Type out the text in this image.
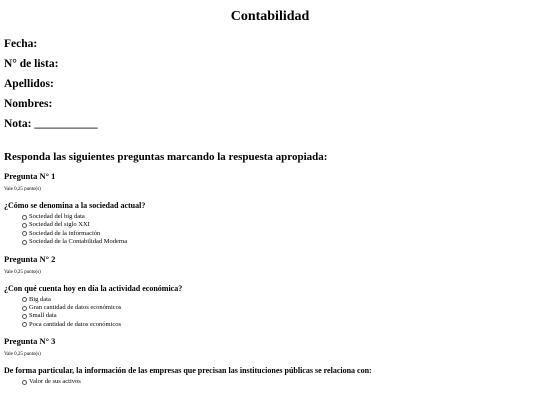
Contabilidad
Fecha:
N° de lista:
Apellidos:
Nombres:
Nota: ___________
Responda las siguientes preguntas marcando la respuesta apropiada:
Pregunta N° 1
Vale 0,25 punto(s)
¿Cómo se denomina a la sociedad actual?
Sociedad del big data
Sociedad del siglo XXI
Sociedad de la información
Sociedad de la Contabilidad Moderna
Pregunta N° 2
Vale 0,25 punto(s)
¿Con qué cuenta hoy en día la actividad económica?
Big data
Gran cantidad de datos económicos
Small data
Poca cantidad de datos económicos
Pregunta N° 3
Vale 0,25 punto(s)
De forma particular, la información de las empresas que precisan las instituciones públicas se relaciona con:
Valor de sus activos
